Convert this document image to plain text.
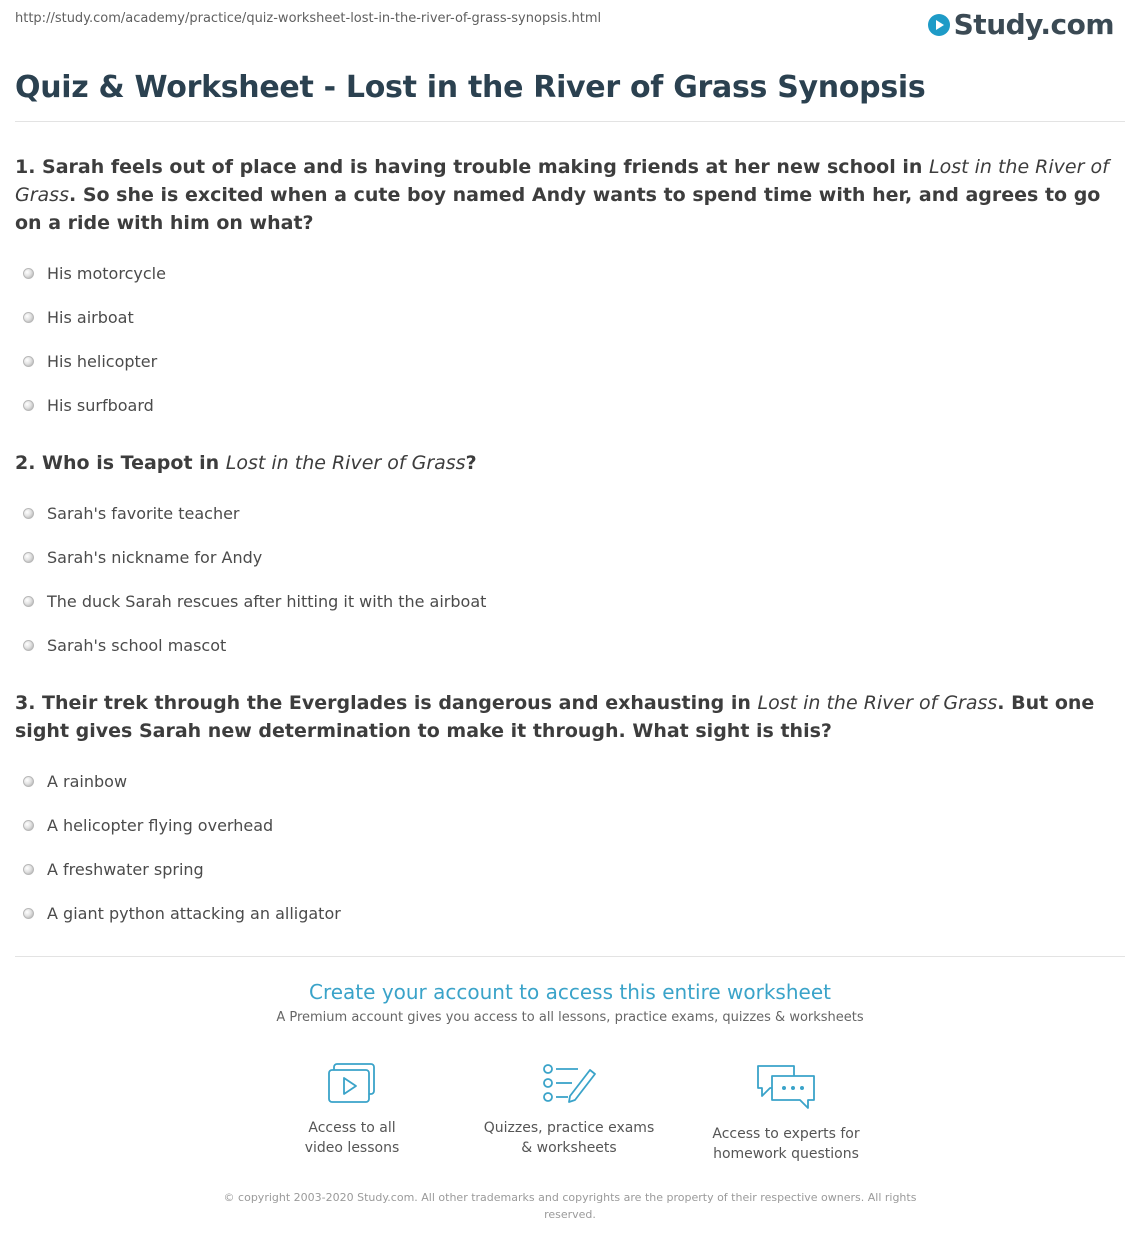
http://study.com/academy/practice/quiz-worksheet-lost-in-the-river-of-grass-synopsis.html	Study.com
Quiz & Worksheet - Lost in the River of Grass Synopsis

1. Sarah feels out of place and is having trouble making friends at her new school in Lost in the River of Grass. So she is excited when a cute boy named Andy wants to spend time with her, and agrees to go on a ride with him on what?

His motorcycle
His airboat
His helicopter
His surfboard

2. Who is Teapot in Lost in the River of Grass?

Sarah's favorite teacher
Sarah's nickname for Andy
The duck Sarah rescues after hitting it with the airboat
Sarah's school mascot

3. Their trek through the Everglades is dangerous and exhausting in Lost in the River of Grass. But one sight gives Sarah new determination to make it through. What sight is this?

A rainbow
A helicopter flying overhead
A freshwater spring
A giant python attacking an alligator

Create your account to access this entire worksheet

A Premium account gives you access to all lessons, practice exams, quizzes & worksheets
Access to all
video lessons
Quizzes, practice exams
& worksheets
Access to experts for
homework questions
© copyright 2003-2020 Study.com. All other trademarks and copyrights are the property of their respective owners. All rights reserved.
